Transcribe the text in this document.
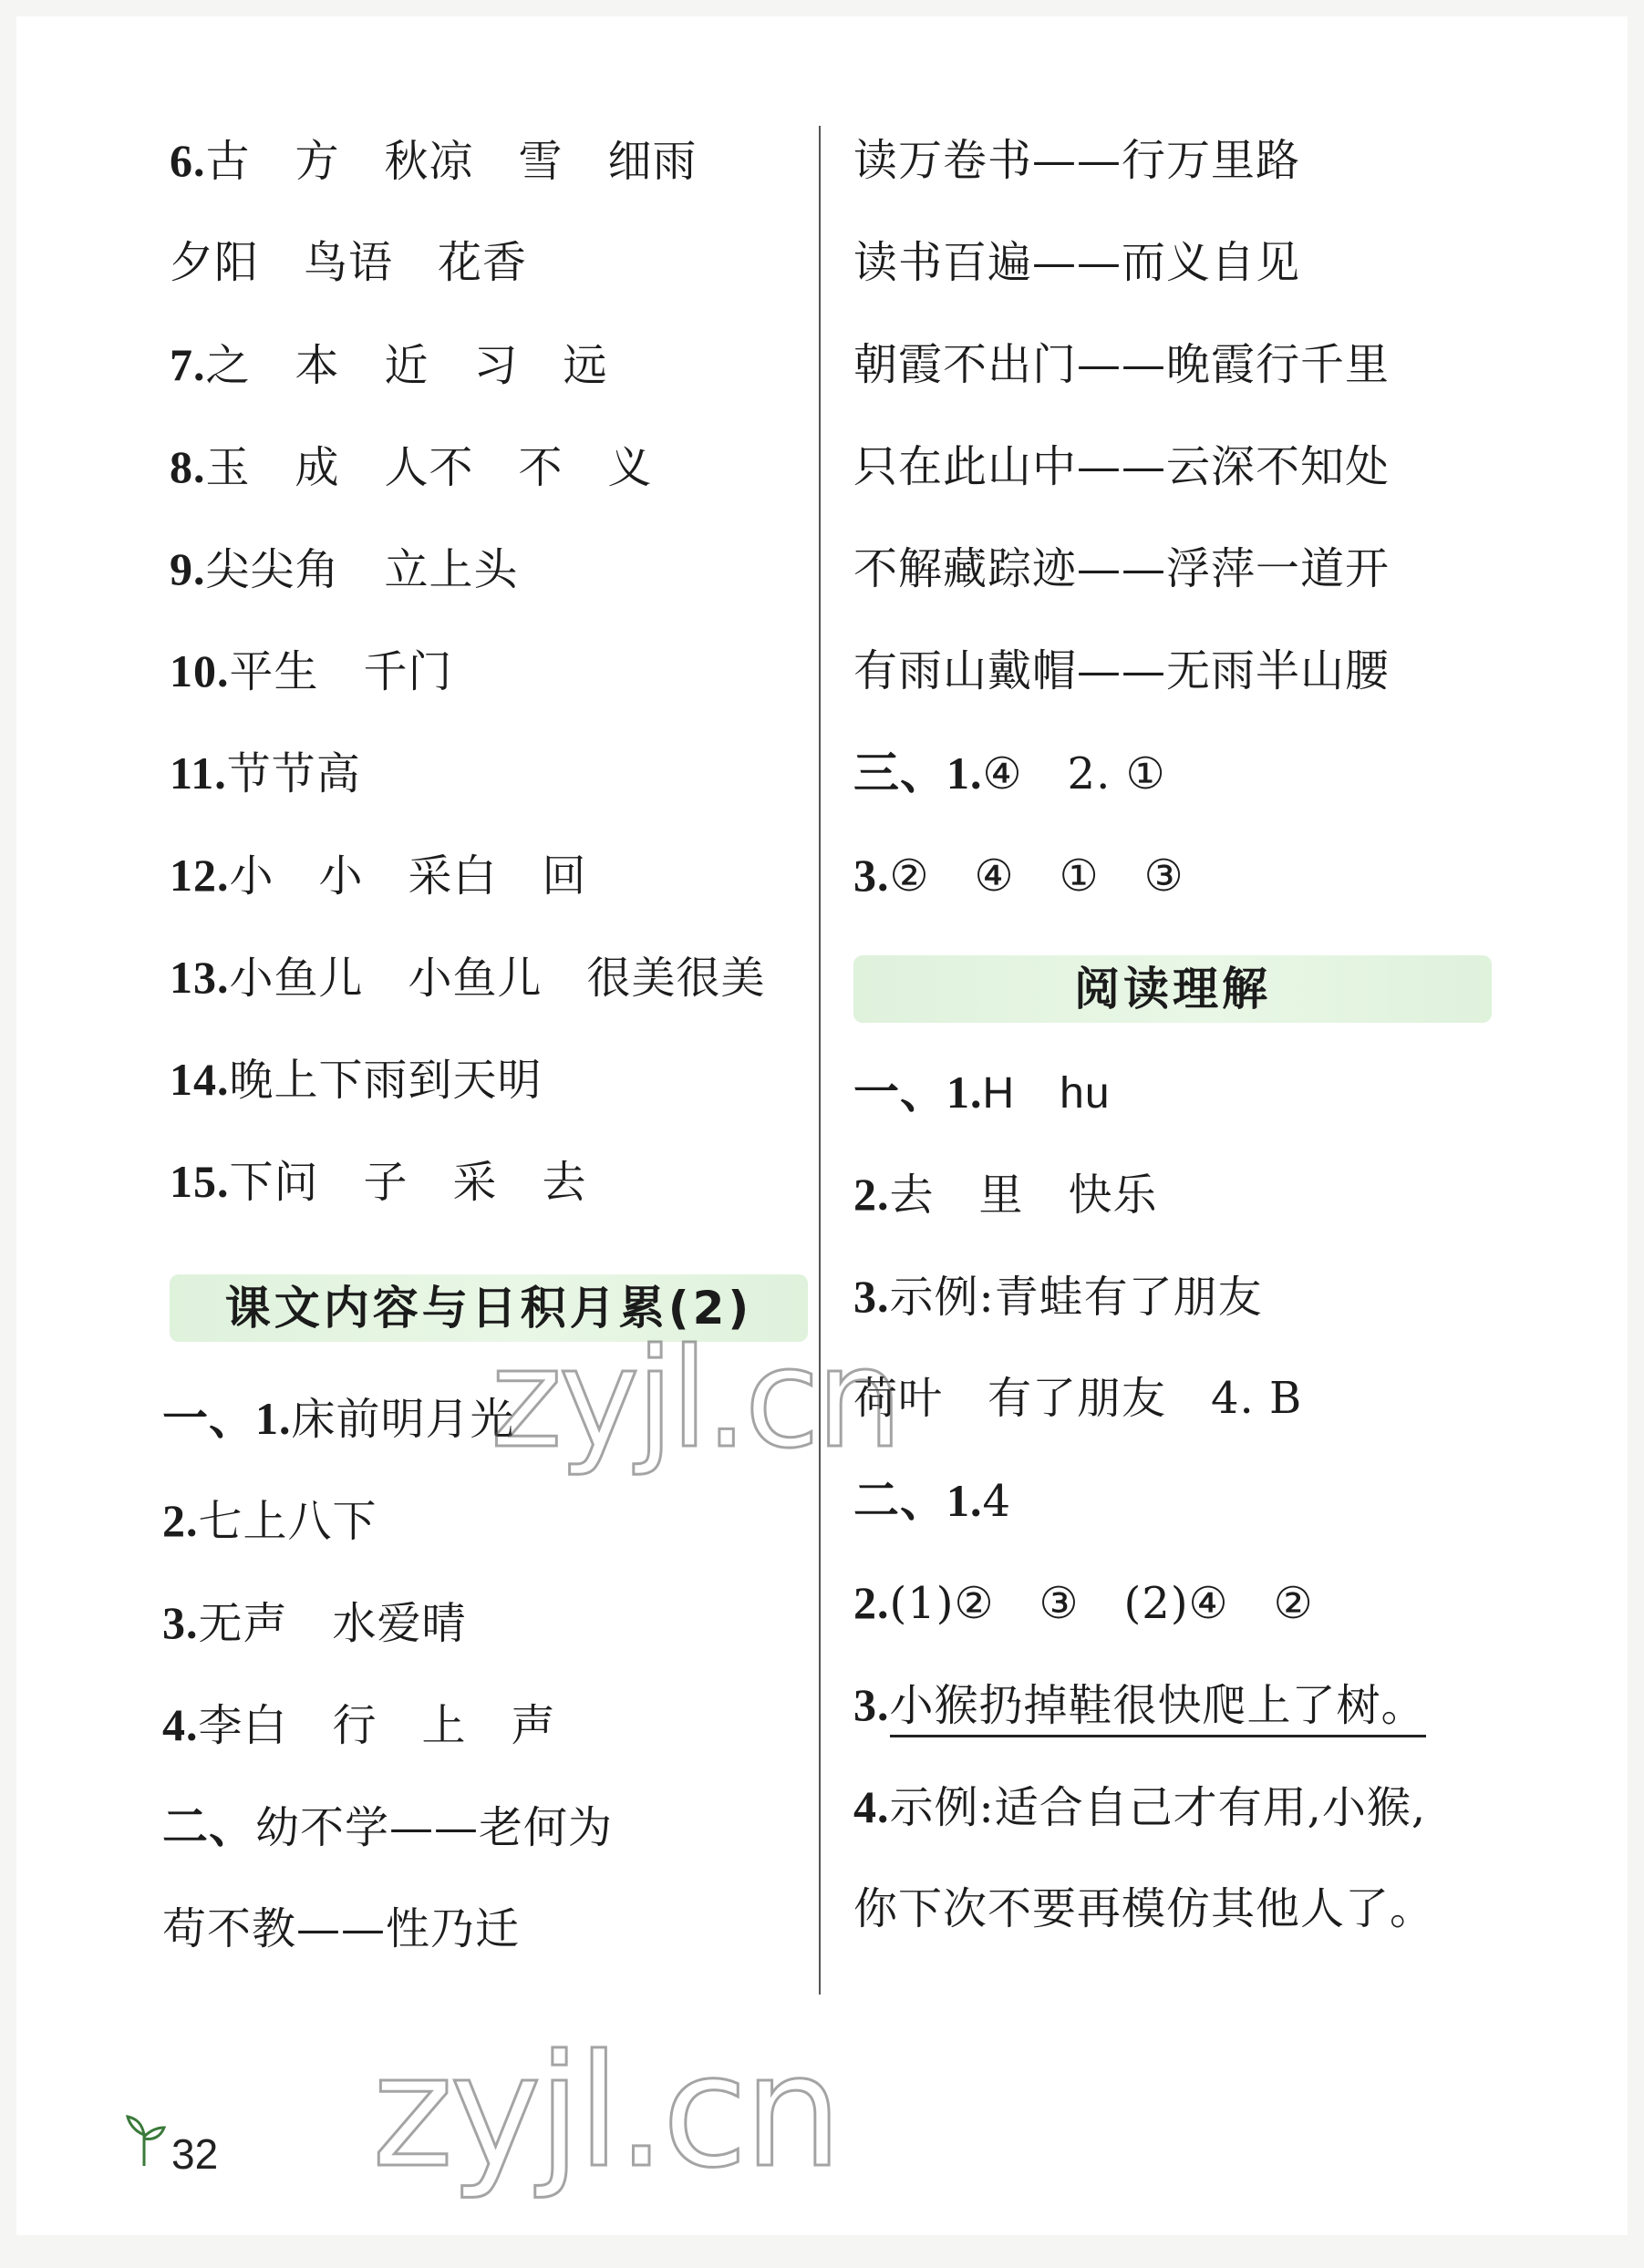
6.古　方　秋凉　雪　细雨
夕阳　鸟语　花香
7.之　本　近　习　远
8.玉　成　人不　不　义
9.尖尖角　立上头
10.平生　千门
11.节节高
12.小　小　采白　回
13.小鱼儿　小鱼儿　很美很美
14.晚上下雨到天明
15.下问　子　采　去
课文内容与日积月累(2)
一、1.床前明月光
2.七上八下
3.无声　水爱晴
4.李白　行　上　声
二、幼不学——老何为
苟不教——性乃迁
读万卷书——行万里路
读书百遍——而义自见
朝霞不出门——晚霞行千里
只在此山中——云深不知处
不解藏踪迹——浮萍一道开
有雨山戴帽——无雨半山腰
三、1.④　2. ①
3.②　④　①　③
阅读理解
一、1.H　hu
2.去　里　快乐
3.示例:青蛙有了朋友
荷叶　有了朋友　4. B
二、1.4
2.(1)②　③　(2)④　②
3.小猴扔掉鞋很快爬上了树。
4.示例:适合自己才有用,小猴,
你下次不要再模仿其他人了。
zyjl.cn
zyjl.cn
32
